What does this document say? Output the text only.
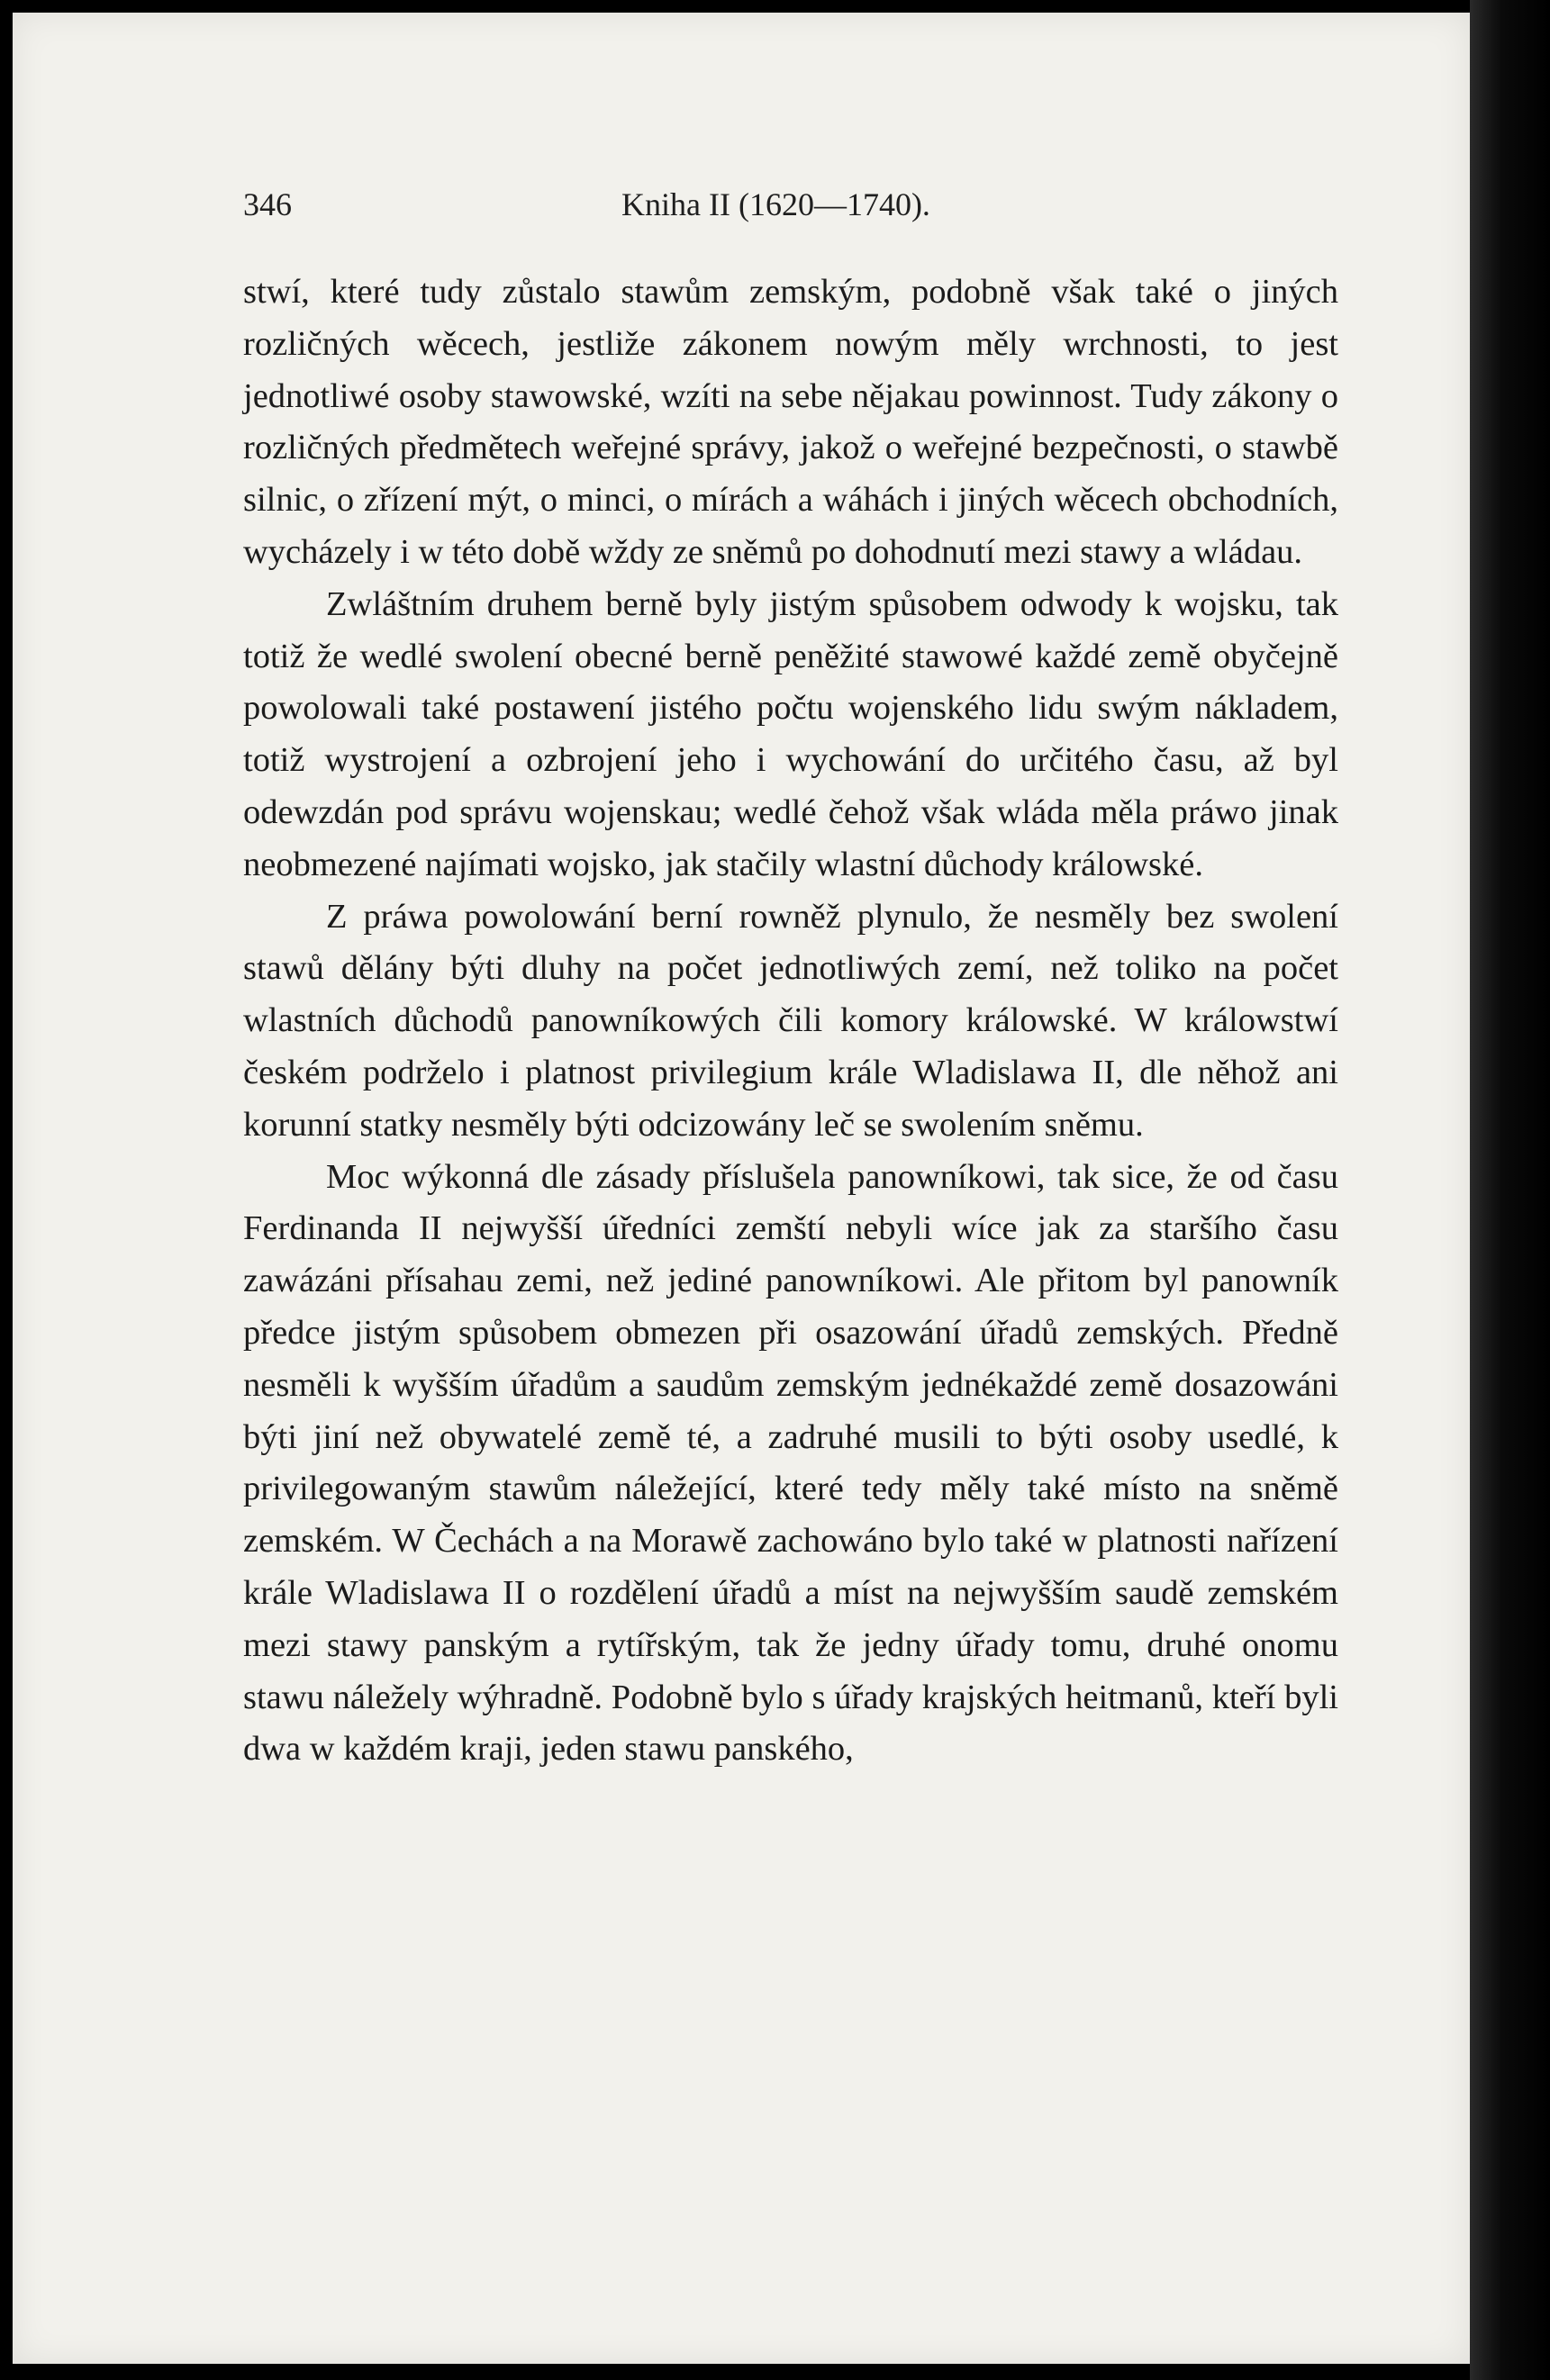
346	Kniha II (1620—1740).

stwí, které tudy zůstalo stawům zemským, podobně však také o jiných rozličných wěcech, jestliže zákonem nowým měly wrchnosti, to jest jednotliwé osoby stawowské, wzíti na sebe nějakau powinnost. Tudy zákony o rozličných předmětech weřejné správy, jakož o weřejné bezpečnosti, o stawbě silnic, o zřízení mýt, o minci, o mírách a wáhách i jiných wěcech obchodních, wycházely i w této době wždy ze sněmů po dohodnutí mezi stawy a wládau.

Zwláštním druhem berně byly jistým spůsobem odwody k wojsku, tak totiž že wedlé swolení obecné berně peněžité stawowé každé země obyčejně powolowali také postawení jistého počtu wojenského lidu swým nákladem, totiž wystrojení a ozbrojení jeho i wychowání do určitého času, až byl odewzdán pod správu wojenskau; wedlé čehož však wláda měla práwo jinak neobmezené najímati wojsko, jak stačily wlastní důchody králowské.

Z práwa powolowání berní rowněž plynulo, že nesměly bez swolení stawů dělány býti dluhy na počet jednotliwých zemí, než toliko na počet wlastních důchodů panowníkowých čili komory králowské. W králowstwí českém podrželo i platnost privilegium krále Wladislawa II, dle něhož ani korunní statky nesměly býti odcizowány leč se swolením sněmu.

Moc wýkonná dle zásady příslušela panowníkowi, tak sice, že od času Ferdinanda II nejwyšší úředníci zemští nebyli wíce jak za staršího času zawázáni přísahau zemi, než jediné panowníkowi. Ale přitom byl panowník předce jistým spůsobem obmezen při osazowání úřadů zemských. Předně nesměli k wyšším úřadům a saudům zemským jednékaždé země dosazowáni býti jiní než obywatelé země té, a zadruhé musili to býti osoby usedlé, k privilegowaným stawům náležející, které tedy měly také místo na sněmě zemském. W Čechách a na Morawě zachowáno bylo také w platnosti nařízení krále Wladislawa II o rozdělení úřadů a míst na nejwyšším saudě zemském mezi stawy panským a rytířským, tak že jedny úřady tomu, druhé onomu stawu náležely wýhradně. Podobně bylo s úřady krajských heitmanů, kteří byli dwa w každém kraji, jeden stawu panského,
